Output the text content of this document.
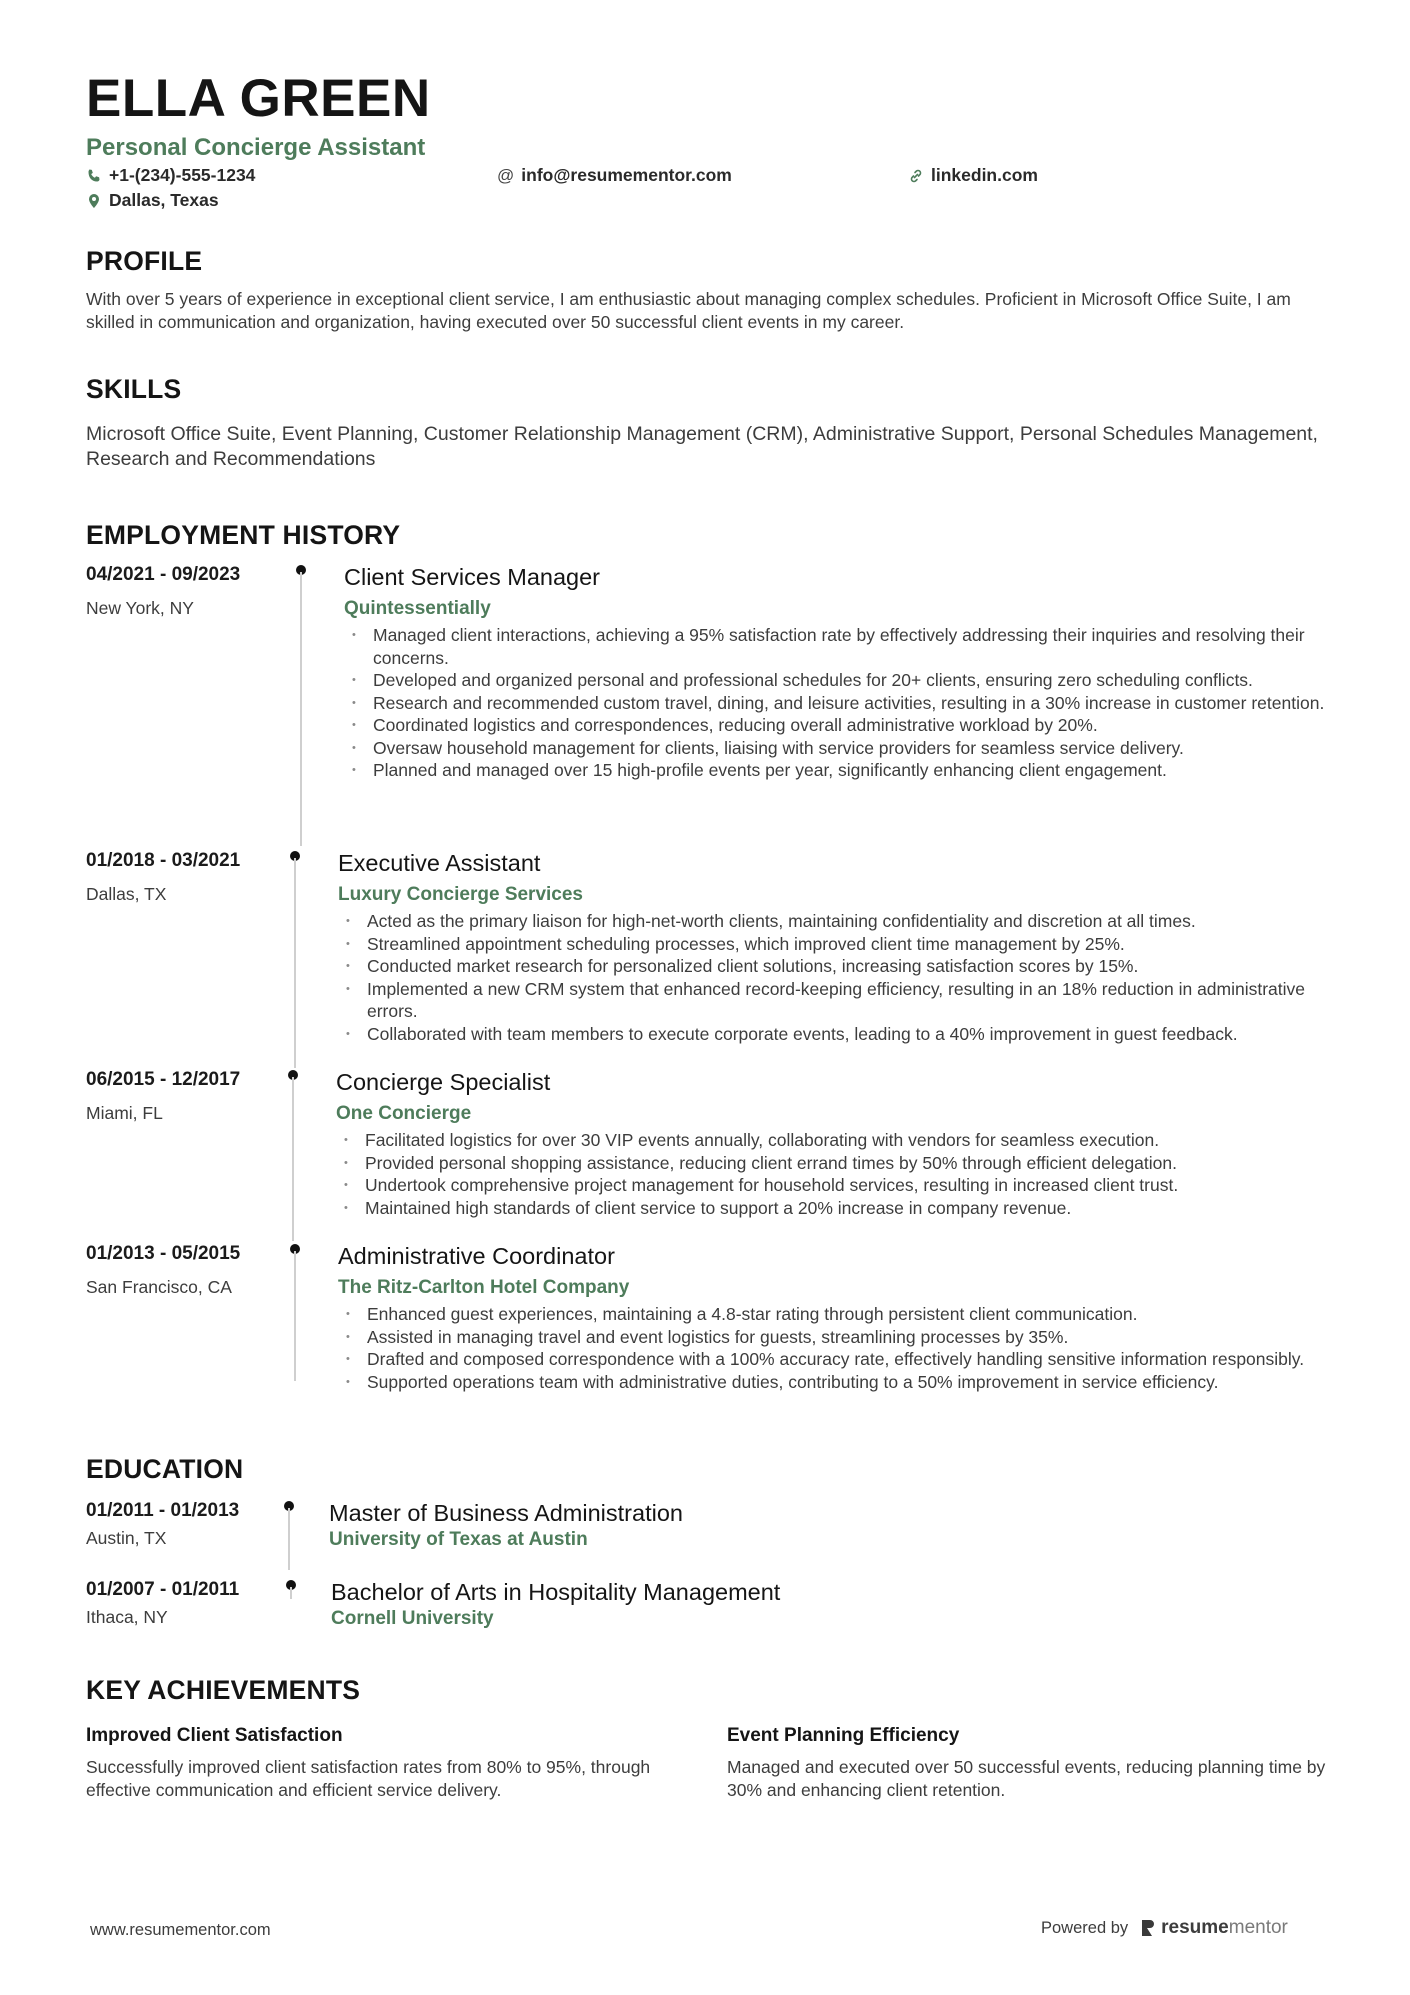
ELLA GREEN
Personal Concierge Assistant
+1-(234)-555-1234	@ info@resumementor.com	linkedin.com
Dallas, Texas
PROFILE
With over 5 years of experience in exceptional client service, I am enthusiastic about managing complex schedules. Proficient in Microsoft Office Suite, I am skilled in communication and organization, having executed over 50 successful client events in my career.
SKILLS
Microsoft Office Suite, Event Planning, Customer Relationship Management (CRM), Administrative Support, Personal Schedules Management, Research and Recommendations
EMPLOYMENT HISTORY
04/2021 - 09/2023
New York, NY
Client Services Manager
Quintessentially
• Managed client interactions, achieving a 95% satisfaction rate by effectively addressing their inquiries and resolving their concerns.
• Developed and organized personal and professional schedules for 20+ clients, ensuring zero scheduling conflicts.
• Research and recommended custom travel, dining, and leisure activities, resulting in a 30% increase in customer retention.
• Coordinated logistics and correspondences, reducing overall administrative workload by 20%.
• Oversaw household management for clients, liaising with service providers for seamless service delivery.
• Planned and managed over 15 high-profile events per year, significantly enhancing client engagement.
01/2018 - 03/2021
Dallas, TX
Executive Assistant
Luxury Concierge Services
• Acted as the primary liaison for high-net-worth clients, maintaining confidentiality and discretion at all times.
• Streamlined appointment scheduling processes, which improved client time management by 25%.
• Conducted market research for personalized client solutions, increasing satisfaction scores by 15%.
• Implemented a new CRM system that enhanced record-keeping efficiency, resulting in an 18% reduction in administrative errors.
• Collaborated with team members to execute corporate events, leading to a 40% improvement in guest feedback.
06/2015 - 12/2017
Miami, FL
Concierge Specialist
One Concierge
• Facilitated logistics for over 30 VIP events annually, collaborating with vendors for seamless execution.
• Provided personal shopping assistance, reducing client errand times by 50% through efficient delegation.
• Undertook comprehensive project management for household services, resulting in increased client trust.
• Maintained high standards of client service to support a 20% increase in company revenue.
01/2013 - 05/2015
San Francisco, CA
Administrative Coordinator
The Ritz-Carlton Hotel Company
• Enhanced guest experiences, maintaining a 4.8-star rating through persistent client communication.
• Assisted in managing travel and event logistics for guests, streamlining processes by 35%.
• Drafted and composed correspondence with a 100% accuracy rate, effectively handling sensitive information responsibly.
• Supported operations team with administrative duties, contributing to a 50% improvement in service efficiency.
EDUCATION
01/2011 - 01/2013
Austin, TX
Master of Business Administration
University of Texas at Austin
01/2007 - 01/2011
Ithaca, NY
Bachelor of Arts in Hospitality Management
Cornell University
KEY ACHIEVEMENTS
Improved Client Satisfaction
Successfully improved client satisfaction rates from 80% to 95%, through effective communication and efficient service delivery.
Event Planning Efficiency
Managed and executed over 50 successful events, reducing planning time by 30% and enhancing client retention.
www.resumementor.com	Powered by resume mentor
